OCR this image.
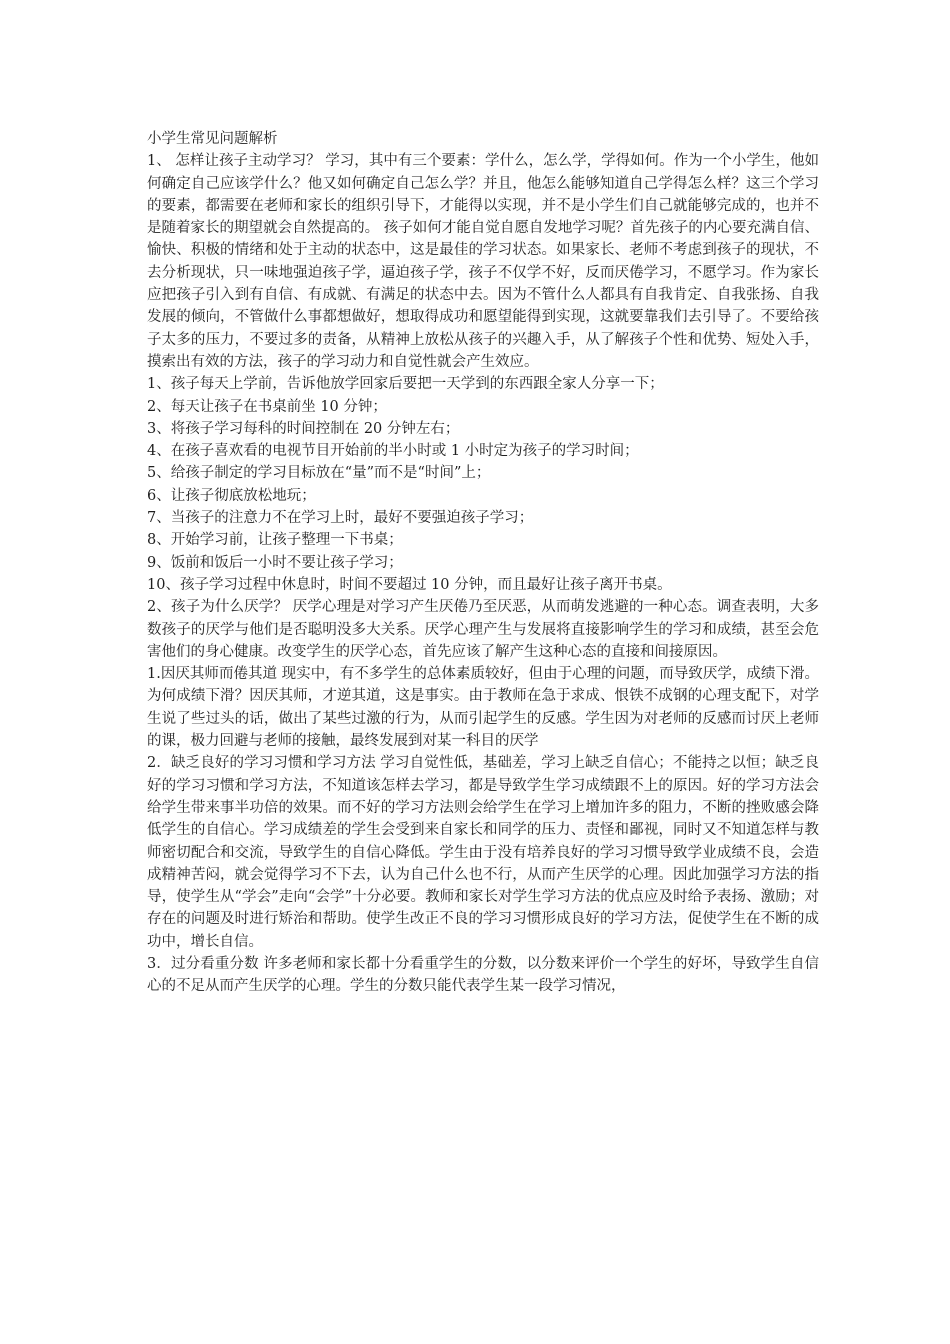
小学生常见问题解析

1、 怎样让孩子主动学习？ 学习，其中有三个要素：学什么，怎么学，学得如何。作为一个小学生，他如何确定自己应该学什么？他又如何确定自己怎么学？并且，他怎么能够知道自己学得怎么样？这三个学习的要素，都需要在老师和家长的组织引导下，才能得以实现，并不是小学生们自己就能够完成的，也并不是随着家长的期望就会自然提高的。 孩子如何才能自觉自愿自发地学习呢？首先孩子的内心要充满自信、愉快、积极的情绪和处于主动的状态中，这是最佳的学习状态。如果家长、老师不考虑到孩子的现状，不去分析现状，只一味地强迫孩子学，逼迫孩子学，孩子不仅学不好，反而厌倦学习，不愿学习。作为家长应把孩子引入到有自信、有成就、有满足的状态中去。因为不管什么人都具有自我肯定、自我张扬、自我发展的倾向，不管做什么事都想做好，想取得成功和愿望能得到实现，这就要靠我们去引导了。不要给孩子太多的压力，不要过多的责备，从精神上放松从孩子的兴趣入手，从了解孩子个性和优势、短处入手，摸索出有效的方法，孩子的学习动力和自觉性就会产生效应。

1、孩子每天上学前，告诉他放学回家后要把一天学到的东西跟全家人分享一下；

2、每天让孩子在书桌前坐 10 分钟；

3、将孩子学习每科的时间控制在 20 分钟左右；

4、在孩子喜欢看的电视节目开始前的半小时或 1 小时定为孩子的学习时间；

5、给孩子制定的学习目标放在“量”而不是“时间”上；

6、让孩子彻底放松地玩；

7、当孩子的注意力不在学习上时，最好不要强迫孩子学习；

8、开始学习前，让孩子整理一下书桌；

9、饭前和饭后一小时不要让孩子学习；

10、孩子学习过程中休息时，时间不要超过 10 分钟，而且最好让孩子离开书桌。

2、孩子为什么厌学？ 厌学心理是对学习产生厌倦乃至厌恶，从而萌发逃避的一种心态。调查表明，大多数孩子的厌学与他们是否聪明没多大关系。厌学心理产生与发展将直接影响学生的学习和成绩，甚至会危害他们的身心健康。改变学生的厌学心态，首先应该了解产生这种心态的直接和间接原因。

1.因厌其师而倦其道 现实中，有不多学生的总体素质较好，但由于心理的问题，而导致厌学，成绩下滑。为何成绩下滑？因厌其师，才逆其道，这是事实。由于教师在急于求成、恨铁不成钢的心理支配下，对学生说了些过头的话，做出了某些过激的行为，从而引起学生的反感。学生因为对老师的反感而讨厌上老师的课，极力回避与老师的接触，最终发展到对某一科目的厌学

2．缺乏良好的学习习惯和学习方法 学习自觉性低，基础差，学习上缺乏自信心；不能持之以恒；缺乏良好的学习习惯和学习方法，不知道该怎样去学习，都是导致学生学习成绩跟不上的原因。好的学习方法会给学生带来事半功倍的效果。而不好的学习方法则会给学生在学习上增加许多的阻力，不断的挫败感会降低学生的自信心。学习成绩差的学生会受到来自家长和同学的压力、责怪和鄙视，同时又不知道怎样与教师密切配合和交流，导致学生的自信心降低。学生由于没有培养良好的学习习惯导致学业成绩不良，会造成精神苦闷，就会觉得学习不下去，认为自己什么也不行，从而产生厌学的心理。因此加强学习方法的指导，使学生从“学会”走向“会学”十分必要。教师和家长对学生学习方法的优点应及时给予表扬、激励；对存在的问题及时进行矫治和帮助。使学生改正不良的学习习惯形成良好的学习方法，促使学生在不断的成功中，增长自信。

3．过分看重分数 许多老师和家长都十分看重学生的分数，以分数来评价一个学生的好坏，导致学生自信心的不足从而产生厌学的心理。学生的分数只能代表学生某一段学习情况，
